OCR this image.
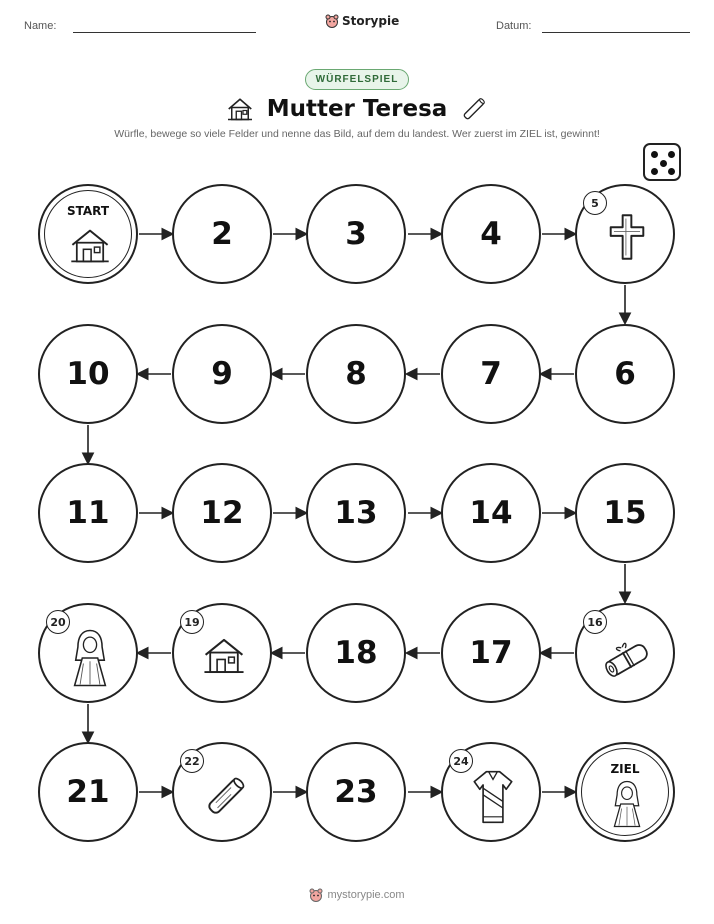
Name:	Storypie	Datum:
WÜRFELSPIEL
Mutter Teresa
Würfle, bewege so viele Felder und nenne das Bild, auf dem du landest. Wer zuerst im ZIEL ist, gewinnt!
START
2	3	4
5
10	9	8	7	6
11	12	13	14	15
20	19
18	17
16
21
22
23
24
ZIEL
mystorypie.com
